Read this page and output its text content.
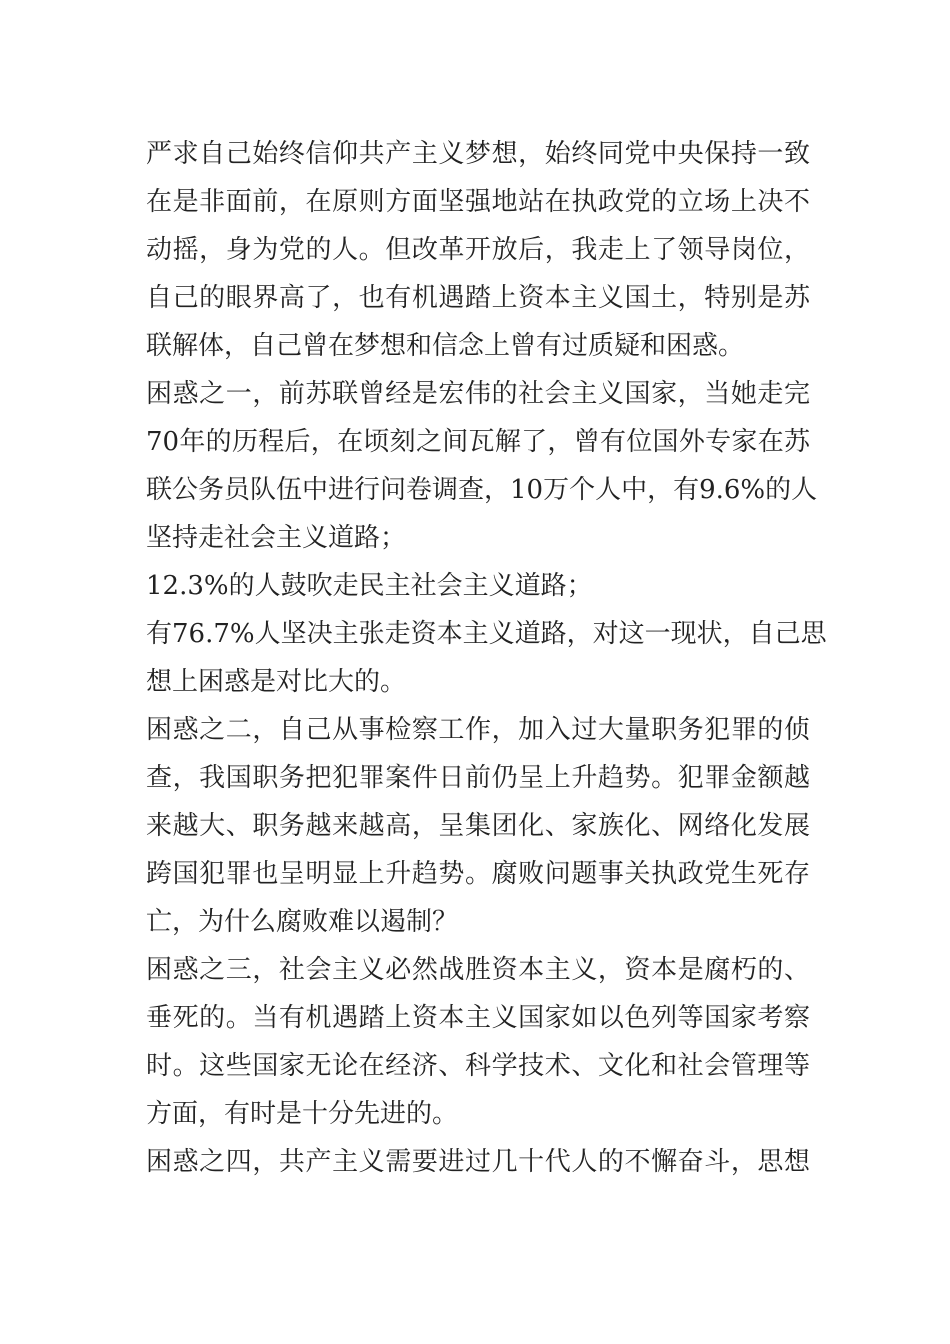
严求自己始终信仰共产主义梦想，始终同党中央保持一致
在是非面前，在原则方面坚强地站在执政党的立场上决不
动摇，身为党的人。但改革开放后，我走上了领导岗位，
自己的眼界高了，也有机遇踏上资本主义国土，特别是苏
联解体，自己曾在梦想和信念上曾有过质疑和困惑。
困惑之一，前苏联曾经是宏伟的社会主义国家，当她走完
70年的历程后，在顷刻之间瓦解了，曾有位国外专家在苏
联公务员队伍中进行问卷调查，10万个人中，有9.6%的人
坚持走社会主义道路；
12.3%的人鼓吹走民主社会主义道路；
有76.7%人坚决主张走资本主义道路，对这一现状，自己思
想上困惑是对比大的。
困惑之二，自己从事检察工作，加入过大量职务犯罪的侦
查，我国职务把犯罪案件日前仍呈上升趋势。犯罪金额越
来越大、职务越来越高，呈集团化、家族化、网络化发展
跨国犯罪也呈明显上升趋势。腐败问题事关执政党生死存
亡，为什么腐败难以遏制？
困惑之三，社会主义必然战胜资本主义，资本是腐朽的、
垂死的。当有机遇踏上资本主义国家如以色列等国家考察
时。这些国家无论在经济、科学技术、文化和社会管理等
方面，有时是十分先进的。
困惑之四，共产主义需要进过几十代人的不懈奋斗，思想
